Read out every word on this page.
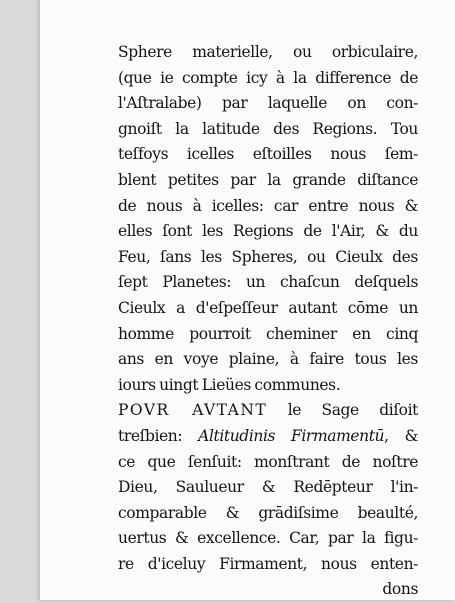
Sphere materielle, ou orbiculaire,
(que ie compte icy à la difference de
l'Aſtralabe) par laquelle on con-
gnoiſt la latitude des Regions. Tou
teſfoys icelles eſtoilles nous ſem-
blent petites par la grande diſtance
de nous à icelles: car entre nous &
elles ſont les Regions de l'Air, & du
Feu, ſans les Spheres, ou Cieulx des
ſept Planetes: un chaſcun deſquels
Cieulx a d'eſpeſſeur autant cōme un
homme pourroit cheminer en cinq
ans en voye plaine, à faire tous les
iours uingt Lieües communes.
POVR AVTANT le Sage diſoit
treſbien: Altitudinis Firmamentū, &
ce que ſenſuit: monſtrant de noſtre
Dieu, Saulueur & Redēpteur l'in-
comparable & grādiſsime beaulté,
uertus & excellence. Car, par la figu-
re d'iceluy Firmament, nous enten-
dons
